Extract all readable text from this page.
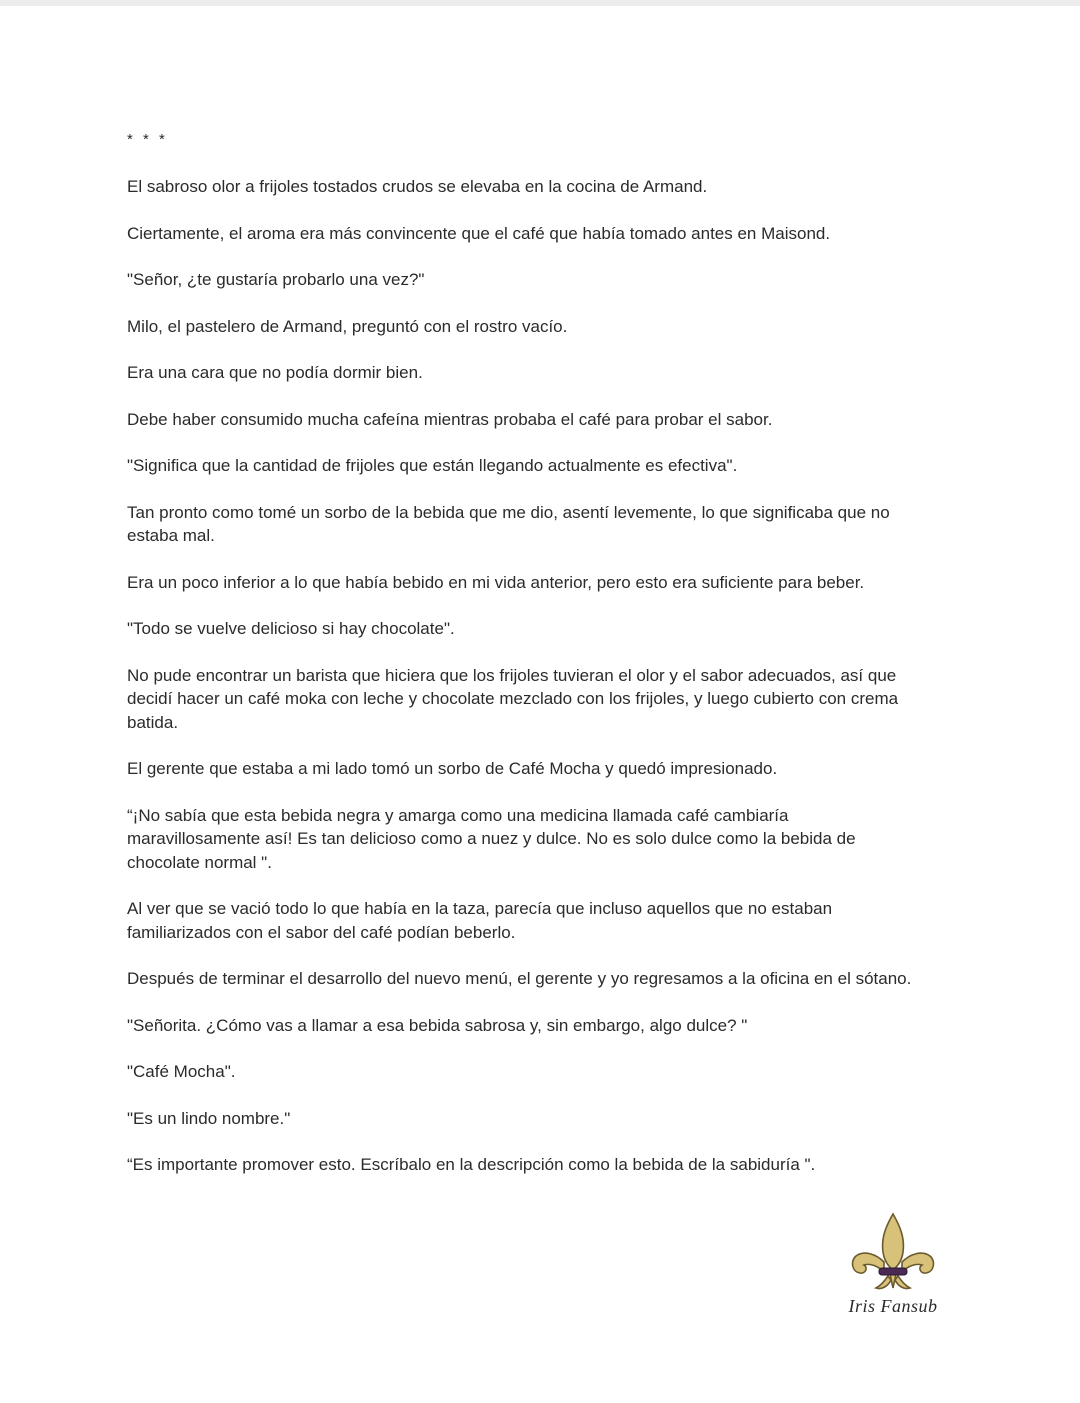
* * *

El sabroso olor a frijoles tostados crudos se elevaba en la cocina de Armand.

Ciertamente, el aroma era más convincente que el café que había tomado antes en Maisond.

"Señor, ¿te gustaría probarlo una vez?"

Milo, el pastelero de Armand, preguntó con el rostro vacío.

Era una cara que no podía dormir bien.

Debe haber consumido mucha cafeína mientras probaba el café para probar el sabor.

"Significa que la cantidad de frijoles que están llegando actualmente es efectiva".

Tan pronto como tomé un sorbo de la bebida que me dio, asentí levemente, lo que significaba que no estaba mal.

Era un poco inferior a lo que había bebido en mi vida anterior, pero esto era suficiente para beber.

"Todo se vuelve delicioso si hay chocolate".

No pude encontrar un barista que hiciera que los frijoles tuvieran el olor y el sabor adecuados, así que decidí hacer un café moka con leche y chocolate mezclado con los frijoles, y luego cubierto con crema batida.

El gerente que estaba a mi lado tomó un sorbo de Café Mocha y quedó impresionado.

“¡No sabía que esta bebida negra y amarga como una medicina llamada café cambiaría maravillosamente así! Es tan delicioso como a nuez y dulce. No es solo dulce como la bebida de chocolate normal ".

Al ver que se vació todo lo que había en la taza, parecía que incluso aquellos que no estaban familiarizados con el sabor del café podían beberlo.

Después de terminar el desarrollo del nuevo menú, el gerente y yo regresamos a la oficina en el sótano.

"Señorita. ¿Cómo vas a llamar a esa bebida sabrosa y, sin embargo, algo dulce? "

"Café Mocha".

"Es un lindo nombre."

“Es importante promover esto. Escríbalo en la descripción como la bebida de la sabiduría ".

Iris Fansub
